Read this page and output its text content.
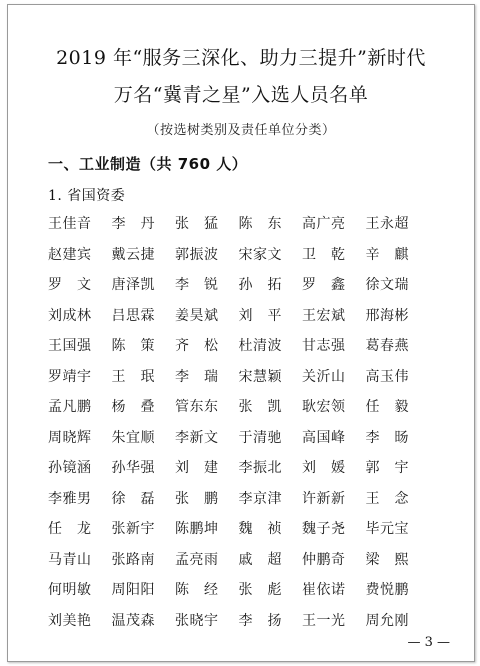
2019 年“服务三深化、助力三提升”新时代
万名“冀青之星”入选人员名单
（按选树类别及责任单位分类）
一、工业制造（共 760 人）
1. 省国资委
王佳音	李　丹	张　猛	陈　东	高广亮	王永超
赵建宾	戴云捷	郭振波	宋家文	卫　乾	辛　麒
罗　文	唐泽凯	李　锐	孙　拓	罗　鑫	徐文瑞
刘成林	吕思霖	姜昊斌	刘　平	王宏斌	邢海彬
王国强	陈　策	齐　松	杜清波	甘志强	葛春燕
罗靖宇	王　珉	李　瑞	宋慧颖	关沂山	高玉伟
孟凡鹏	杨　叠	管东东	张　凯	耿宏领	任　毅
周晓辉	朱宜顺	李新文	于清驰	高国峰	李　旸
孙镜涵	孙华强	刘　建	李振北	刘　媛	郭　宇
李雅男	徐　磊	张　鹏	李京津	许新新	王　念
任　龙	张新宇	陈鹏坤	魏　祯	魏子尧	毕元宝
马青山	张路南	孟亮雨	戚　超	仲鹏奇	梁　熙
何明敏	周阳阳	陈　经	张　彪	崔依诺	费悦鹏
刘美艳	温茂森	张晓宇	李　扬	王一光	周允刚
— 3 —
